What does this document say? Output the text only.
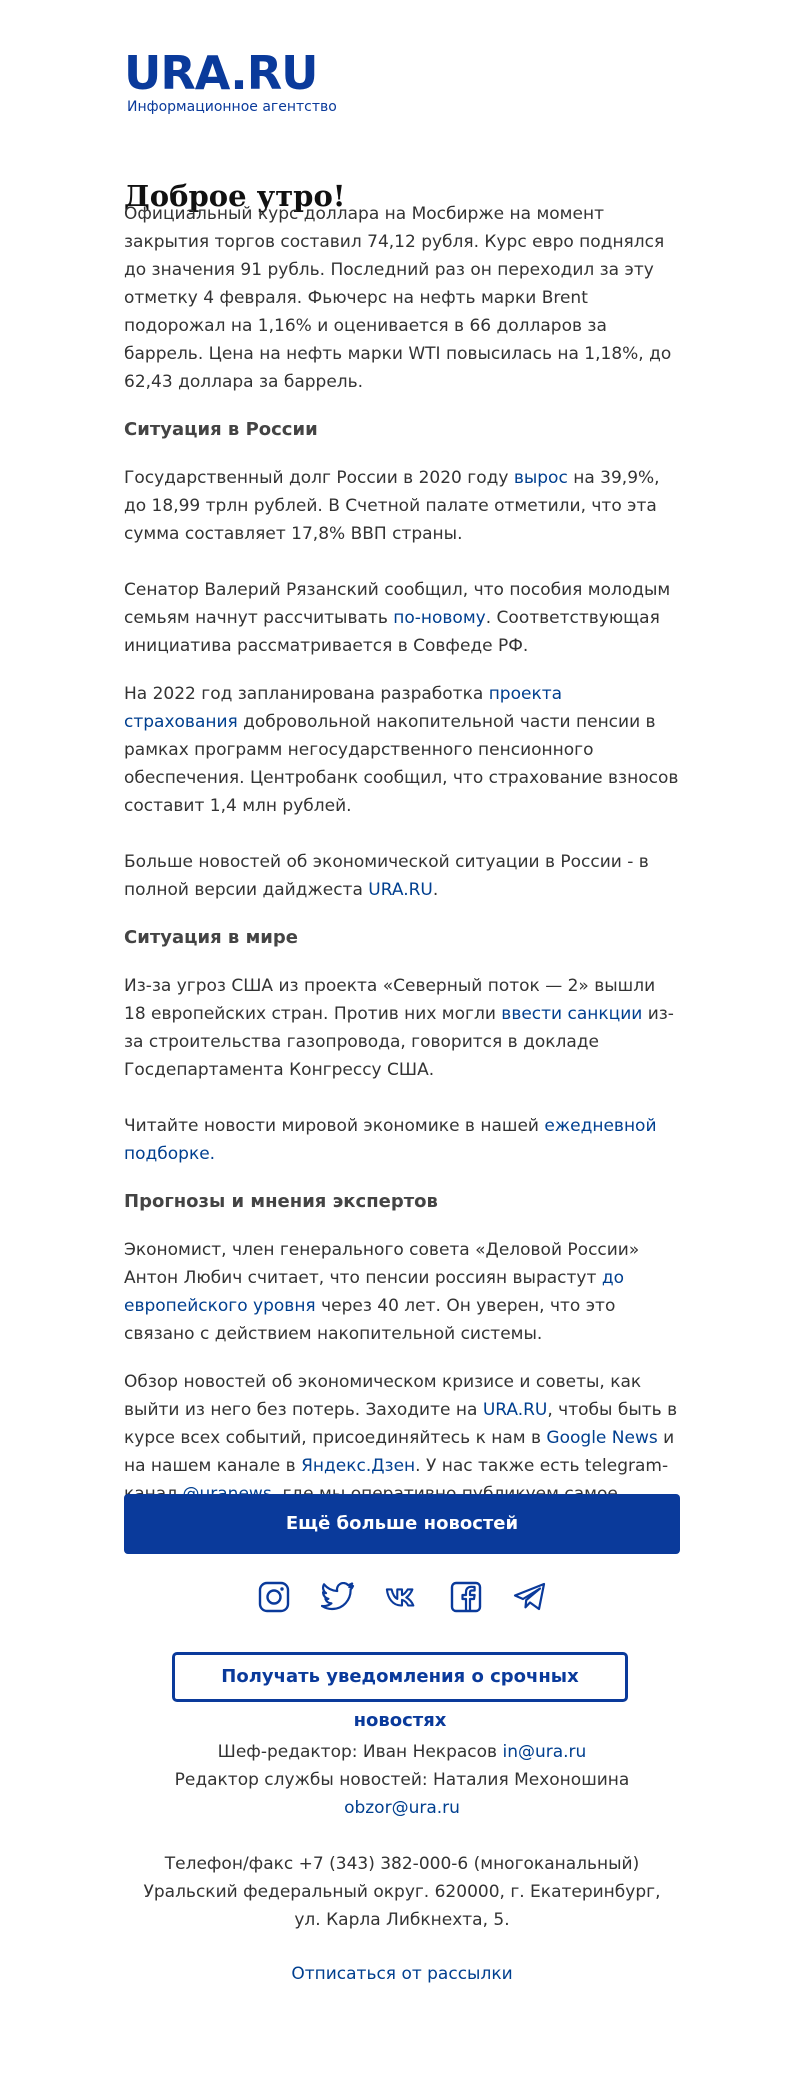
URA.RU
Информационное агентство
Доброе утро!

Официальный курс доллара на Мосбирже на момент закрытия торгов составил 74,12 рубля. Курс евро поднялся до значения 91 рубль. Последний раз он переходил за эту отметку 4 февраля. Фьючерс на нефть марки Brent подорожал на 1,16% и оценивается в 66 долларов за баррель. Цена на нефть марки WTI повысилась на 1,18%, до 62,43 доллара за баррель.

Ситуация в России

Государственный долг России в 2020 году вырос на 39,9%, до 18,99 трлн рублей. В Счетной палате отметили, что эта сумма составляет 17,8% ВВП страны.

Сенатор Валерий Рязанский сообщил, что пособия молодым семьям начнут рассчитывать по-новому. Соответствующая инициатива рассматривается в Совфеде РФ.

На 2022 год запланирована разработка проекта страхования добровольной накопительной части пенсии в рамках программ негосударственного пенсионного обеспечения. Центробанк сообщил, что страхование взносов составит 1,4 млн рублей.

Больше новостей об экономической ситуации в России - в полной версии дайджеста URA.RU.

Ситуация в мире

Из-за угроз США из проекта «Северный поток — 2» вышли 18 европейских стран. Против них могли ввести санкции из-за строительства газопровода, говорится в докладе Госдепартамента Конгрессу США.

Читайте новости мировой экономике в нашей ежедневной подборке.

Прогнозы и мнения экспертов

Экономист, член генерального совета «Деловой России» Антон Любич считает, что пенсии россиян вырастут до европейского уровня через 40 лет. Он уверен, что это связано с действием накопительной системы.

Обзор новостей об экономическом кризисе и советы, как выйти из него без потерь. Заходите на URA.RU, чтобы быть в курсе всех событий, присоединяйтесь к нам в Google News и на нашем канале в Яндекс.Дзен. У нас также есть telegram-

Ещё больше новостей
Получать уведомления о срочных новостях

Шеф-редактор: Иван Некрасов in@ura.ru

Редактор службы новостей: Наталия Мехоношина

obzor@ura.ru

Телефон/факс +7 (343) 382-000-6 (многоканальный)

Уральский федеральный округ. 620000, г. Екатеринбург,

ул. Карла Либкнехта, 5.

Отписаться от рассылки
